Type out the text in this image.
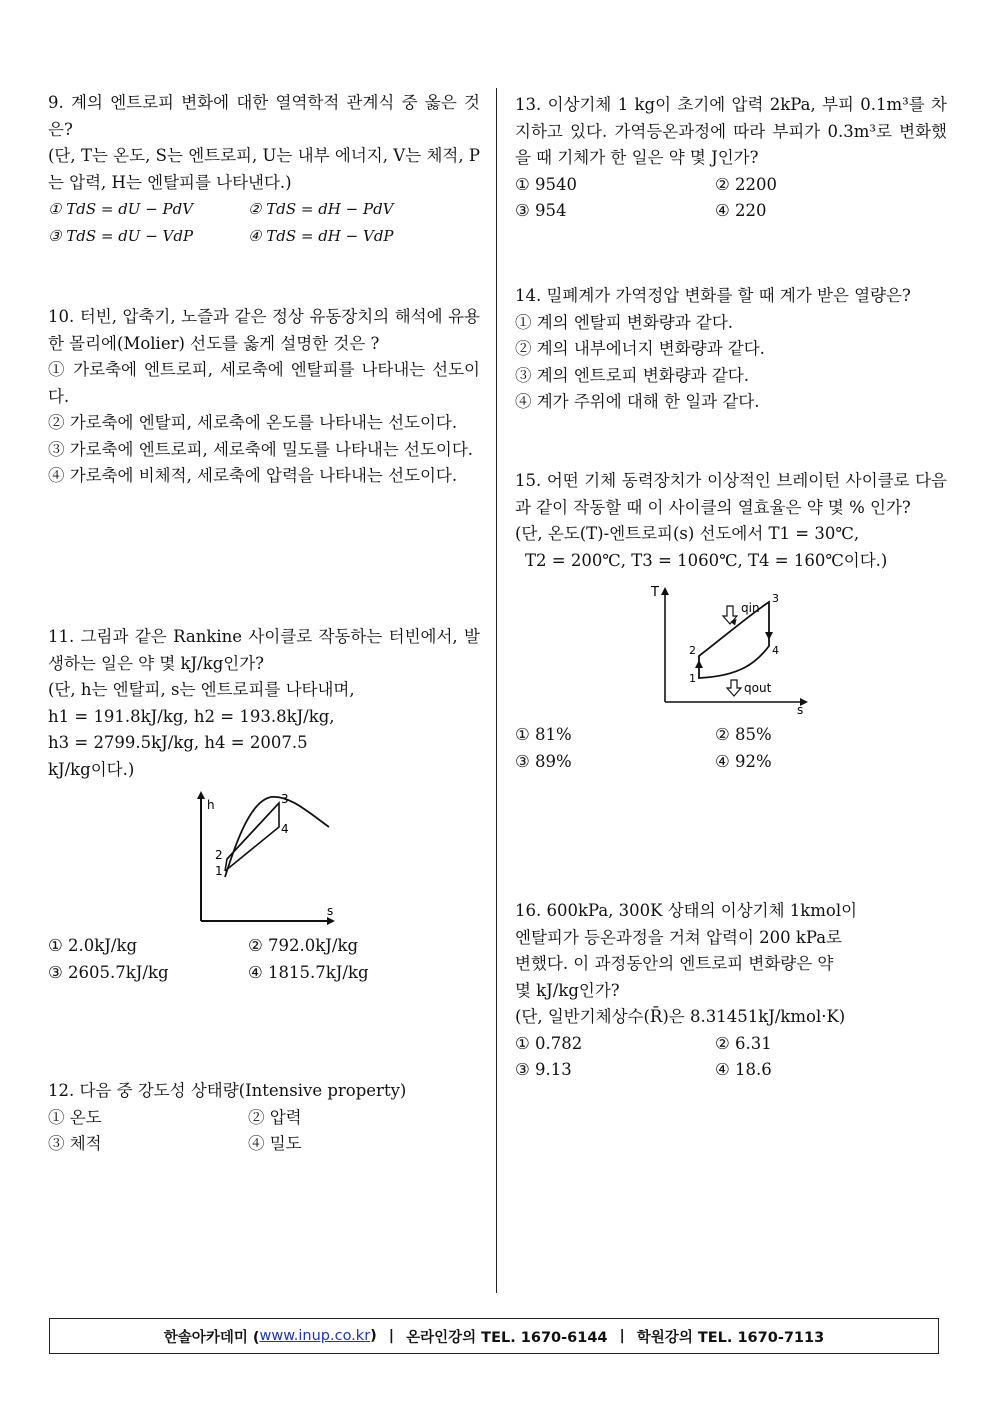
9. 계의 엔트로피 변화에 대한 열역학적 관계식 중 옳은 것은?

(단, T는 온도, S는 엔트로피, U는 내부 에너지, V는 체적, P는 압력, H는 엔탈피를 나타낸다.)

① TdS = dU − PdV	② TdS = dH − PdV
③ TdS = dU − VdP	④ TdS = dH − VdP

10. 터빈, 압축기, 노즐과 같은 정상 유동장치의 해석에 유용한 몰리에(Molier) 선도를 옳게 설명한 것은 ?

① 가로축에 엔트로피, 세로축에 엔탈피를 나타내는 선도이다.

② 가로축에 엔탈피, 세로축에 온도를 나타내는 선도이다.

③ 가로축에 엔트로피, 세로축에 밀도를 나타내는 선도이다.

④ 가로축에 비체적, 세로축에 압력을 나타내는 선도이다.

11. 그림과 같은 Rankine 사이클로 작동하는 터빈에서, 발생하는 일은 약 몇 kJ/kg인가?

(단, h는 엔탈피, s는 엔트로피를 나타내며,

h1 = 191.8kJ/kg, h2 = 193.8kJ/kg,

h3 = 2799.5kJ/kg, h4 = 2007.5

kJ/kg이다.)

h
s
1
2
3
4
① 2.0kJ/kg	② 792.0kJ/kg
③ 2605.7kJ/kg	④ 1815.7kJ/kg

12. 다음 중 강도성 상태량(Intensive property)

① 온도	② 압력
③ 체적	④ 밀도

13. 이상기체 1 kg이 초기에 압력 2kPa, 부피 0.1m³를 차지하고 있다. 가역등온과정에 따라 부피가 0.3m³로 변화했을 때 기체가 한 일은 약 몇 J인가?

① 9540	② 2200
③ 954	④ 220

14. 밀폐계가 가역정압 변화를 할 때 계가 받은 열량은?

① 계의 엔탈피 변화량과 같다.

② 계의 내부에너지 변화량과 같다.

③ 계의 엔트로피 변화량과 같다.

④ 계가 주위에 대해 한 일과 같다.

15. 어떤 기체 동력장치가 이상적인 브레이턴 사이클로 다음과 같이 작동할 때 이 사이클의 열효율은 약 몇 % 인가?

(단, 온도(T)-엔트로피(s) 선도에서 T1 = 30℃,

T2 = 200℃, T3 = 1060℃, T4 = 160℃이다.)

T
s
1
2
3
4
qin
qout
① 81%	② 85%
③ 89%	④ 92%

16. 600kPa, 300K 상태의 이상기체 1kmol이

엔탈피가 등온과정을 거쳐 압력이 200 kPa로

변했다. 이 과정동안의 엔트로피 변화량은 약

몇 kJ/kg인가?

(단, 일반기체상수(R̄)은 8.31451kJ/kmol·K)

① 0.782	② 6.31
③ 9.13	④ 18.6
한솔아카데미 ( www.inup.co.kr ) | 온라인강의 TEL. 1670-6144 | 학원강의 TEL. 1670-7113
